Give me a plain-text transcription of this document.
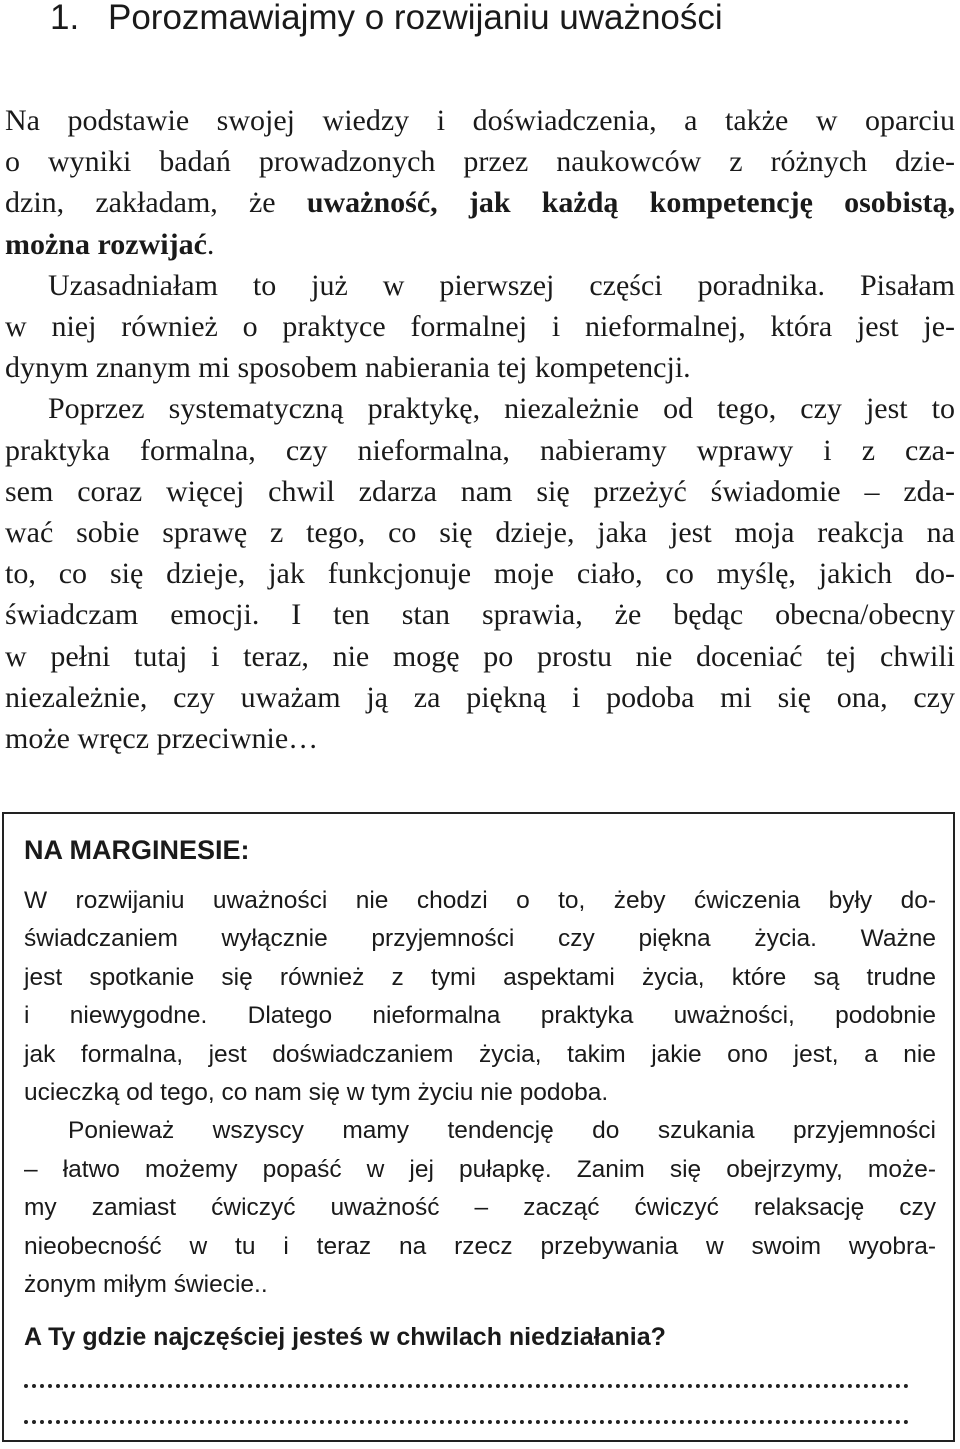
1. Porozmawiajmy o rozwijaniu uważności
Na podstawie swojej wiedzy i doświadczenia, a także w oparciu
o wyniki badań prowadzonych przez naukowców z różnych dzie-
dzin, zakładam, że uważność, jak każdą kompetencję osobistą,
można rozwijać.
Uzasadniałam to już w pierwszej części poradnika. Pisałam
w niej również o praktyce formalnej i nieformalnej, która jest je-
dynym znanym mi sposobem nabierania tej kompetencji.
Poprzez systematyczną praktykę, niezależnie od tego, czy jest to
praktyka formalna, czy nieformalna, nabieramy wprawy i z cza-
sem coraz więcej chwil zdarza nam się przeżyć świadomie – zda-
wać sobie sprawę z tego, co się dzieje, jaka jest moja reakcja na
to, co się dzieje, jak funkcjonuje moje ciało, co myślę, jakich do-
świadczam emocji. I ten stan sprawia, że będąc obecna/obecny
w pełni tutaj i teraz, nie mogę po prostu nie doceniać tej chwili
niezależnie, czy uważam ją za piękną i podoba mi się ona, czy
może wręcz przeciwnie…
NA MARGINESIE:
W rozwijaniu uważności nie chodzi o to, żeby ćwiczenia były do-
świadczaniem wyłącznie przyjemności czy piękna życia. Ważne
jest spotkanie się również z tymi aspektami życia, które są trudne
i niewygodne. Dlatego nieformalna praktyka uważności, podobnie
jak formalna, jest doświadczaniem życia, takim jakie ono jest, a nie
ucieczką od tego, co nam się w tym życiu nie podoba.
Ponieważ wszyscy mamy tendencję do szukania przyjemności
– łatwo możemy popaść w jej pułapkę. Zanim się obejrzymy, może-
my zamiast ćwiczyć uważność – zacząć ćwiczyć relaksację czy
nieobecność w tu i teraz na rzecz przebywania w swoim wyobra-
żonym miłym świecie..

A Ty gdzie najczęściej jesteś w chwilach niedziałania?
